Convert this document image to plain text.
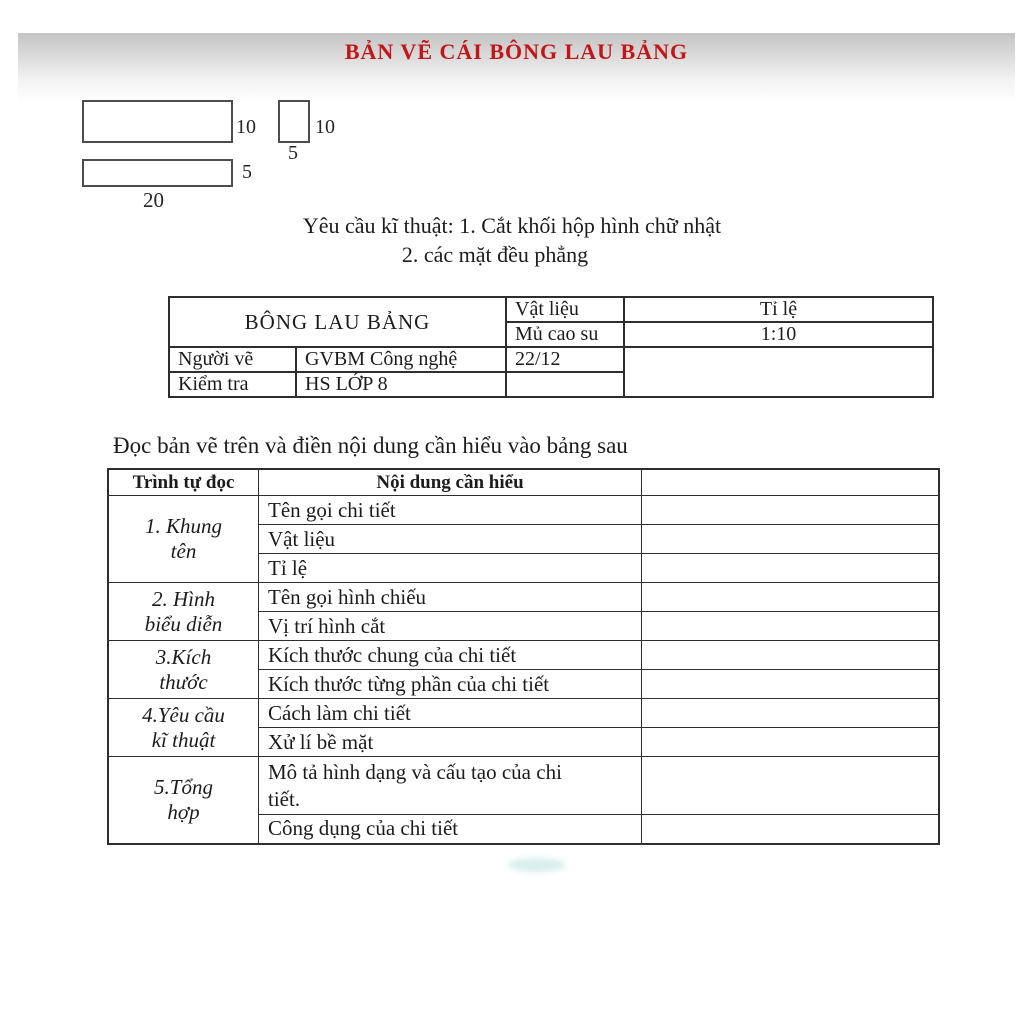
BẢN VẼ CÁI BÔNG LAU BẢNG
10	10
5
5
20
Yêu cầu kĩ thuật: 1. Cắt khối hộp hình chữ nhật
2. các mặt đều phẳng
BÔNG LAU BẢNG		Vật liệu	Tỉ lệ
		Mủ cao su	1:10
Người vẽ	GVBM Công nghệ	22/12	
Kiểm tra	HS LỚP 8		
Đọc bản vẽ trên và điền nội dung cần hiểu vào bảng sau
Trình tự đọc	Nội dung cần hiểu	
1. Khung tên	Tên gọi chi tiết	
	Vật liệu	
	Tỉ lệ	
2. Hình biểu diễn	Tên gọi hình chiếu	
	Vị trí hình cắt	
3.Kích thước	Kích thước chung của chi tiết	
	Kích thước từng phần của chi tiết	
4.Yêu cầu kĩ thuật	Cách làm chi tiết	
	Xử lí bề mặt	
5.Tổng hợp	Mô tả hình dạng và cấu tạo của chi tiết.	
	Công dụng của chi tiết	
